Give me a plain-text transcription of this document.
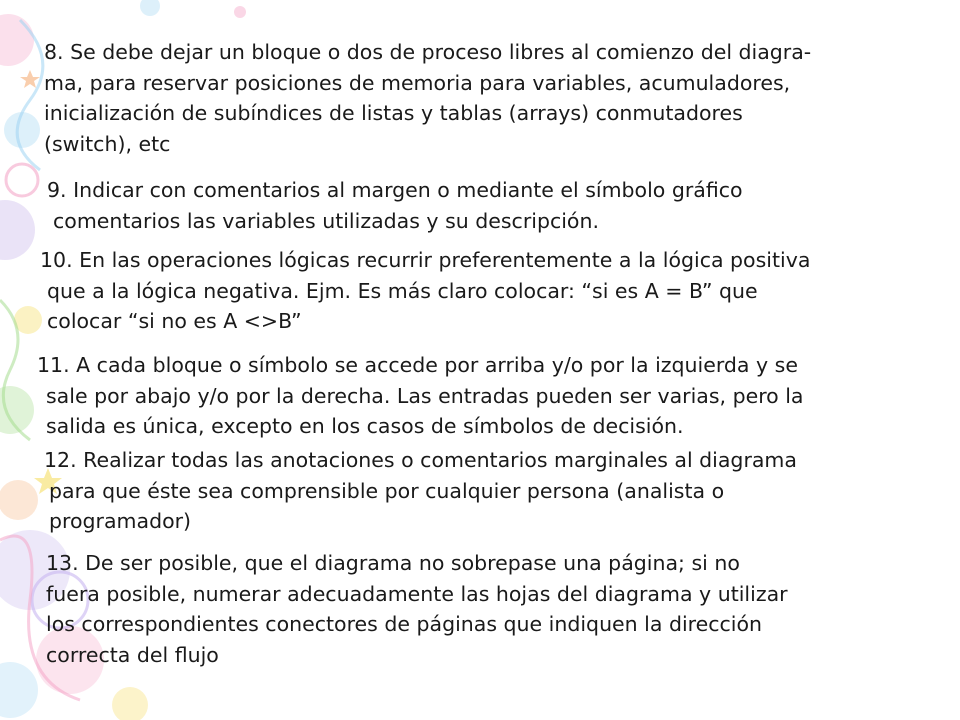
8. Se debe dejar un bloque o dos de proceso libres al comienzo del diagra-
ma, para reservar posiciones de memoria para variables, acumuladores,
inicialización de subíndices de listas y tablas (arrays) conmutadores
(switch), etc
9. Indicar con comentarios al margen o mediante el símbolo gráfico
comentarios las variables utilizadas y su descripción.
10. En las operaciones lógicas recurrir preferentemente a la lógica positiva
que a la lógica negativa. Ejm. Es más claro colocar: “si es A = B” que
colocar “si no es A <>B”
11. A cada bloque o símbolo se accede por arriba y/o por la izquierda y se
sale por abajo y/o por la derecha. Las entradas pueden ser varias, pero la
salida es única, excepto en los casos de símbolos de decisión.
12. Realizar todas las anotaciones o comentarios marginales al diagrama
para que éste sea comprensible por cualquier persona (analista o
programador)
13. De ser posible, que el diagrama no sobrepase una página; si no
fuera posible, numerar adecuadamente las hojas del diagrama y utilizar
los correspondientes conectores de páginas que indiquen la dirección
correcta del flujo
